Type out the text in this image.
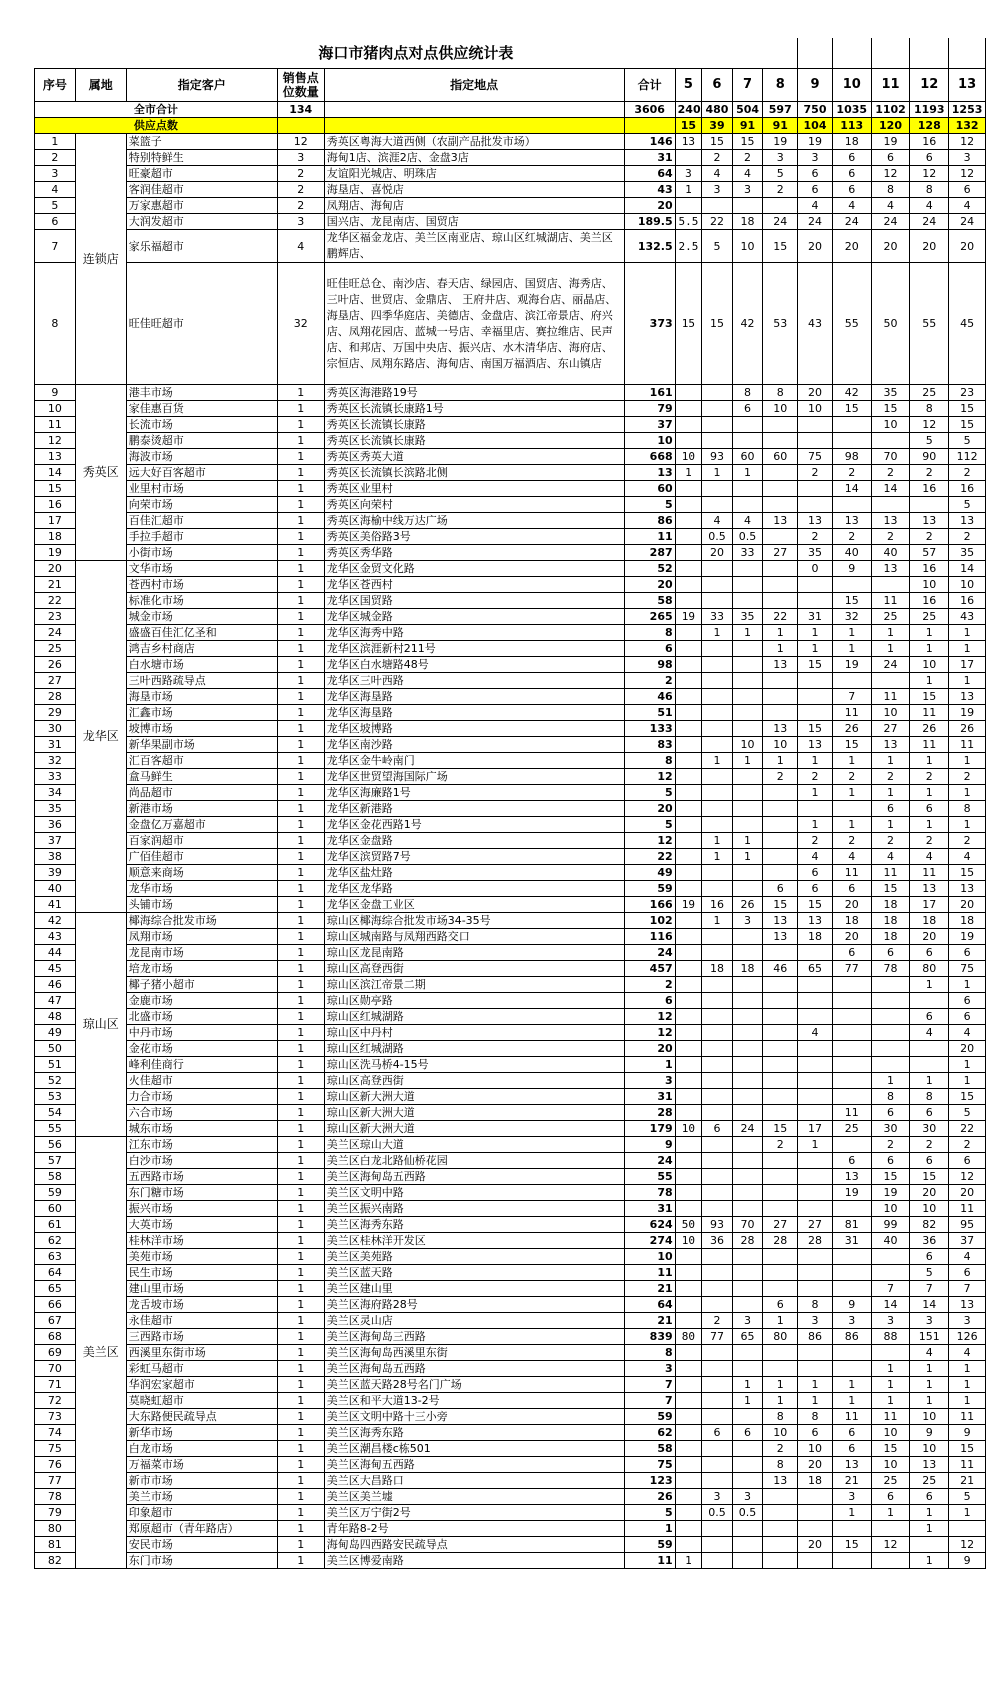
海口市猪肉点对点供应统计表														
序号	属地	指定客户	销售点位数量	指定地点	合计	5	6	7	8	9	10	11	12	13
全市合计			134		3606	240	480	504	597	750	1035	1102	1193	1253
供应点数						15	39	91	91	104	113	120	128	132
1	连锁店	菜篮子	12	秀英区粤海大道西侧（农副产品批发市场）	146	13	15	15	19	19	18	19	16	12
2		特别特鲜生	3	海甸1店、滨涯2店、金盘3店	31		2	2	3	3	6	6	6	3
3		旺豪超市	2	友谊阳光城店、明珠店	64	3	4	4	5	6	6	12	12	12
4		客润佳超市	2	海垦店、喜悦店	43	1	3	3	2	6	6	8	8	6
5		万家惠超市	2	凤翔店、海甸店	20					4	4	4	4	4
6		大润发超市	3	国兴店、龙昆南店、国贸店	189.5	5.5	22	18	24	24	24	24	24	24
7		家乐福超市	4	龙华区福金龙店、美兰区南亚店、琼山区红城湖店、美兰区鹏辉店、	132.5	2.5	5	10	15	20	20	20	20	20
8		旺佳旺超市	32	旺佳旺总仓、南沙店、春天店、绿园店、国贸店、海秀店、三叶店、世贸店、金鼎店、 王府井店、观海台店、丽晶店、海垦店、四季华庭店、美德店、金盘店、滨江帝景店、府兴店、凤翔花园店、蓝城一号店、幸福里店、赛拉维店、民声店、和邦店、万国中央店、振兴店、水木清华店、海府店、宗恒店、凤翔东路店、海甸店、南国万福酒店、东山镇店	373	15	15	42	53	43	55	50	55	45
9	秀英区	港丰市场	1	秀英区海港路19号	161			8	8	20	42	35	25	23
10		家佳惠百货	1	秀英区长流镇长康路1号	79			6	10	10	15	15	8	15
11		长流市场	1	秀英区长流镇长康路	37							10	12	15
12		鹏泰烫超市	1	秀英区长流镇长康路	10								5	5
13		海波市场	1	秀英区秀英大道	668	10	93	60	60	75	98	70	90	112
14		远大好百客超市	1	秀英区长流镇长滨路北侧	13	1	1	1		2	2	2	2	2
15		业里村市场	1	秀英区业里村	60						14	14	16	16
16		向荣市场	1	秀英区向荣村	5									5
17		百佳汇超市	1	秀英区海榆中线万达广场	86		4	4	13	13	13	13	13	13
18		手拉手超市	1	秀英区美俗路3号	11		0.5	0.5		2	2	2	2	2
19		小街市场	1	秀英区秀华路	287		20	33	27	35	40	40	57	35
20	龙华区	文华市场	1	龙华区金贸文化路	52					0	9	13	16	14
21		苍西村市场	1	龙华区苍西村	20								10	10
22		标准化市场	1	龙华区国贸路	58						15	11	16	16
23		城金市场	1	龙华区城金路	265	19	33	35	22	31	32	25	25	43
24		盛盛百佳汇亿圣和	1	龙华区海秀中路	8		1	1	1	1	1	1	1	1
25		鸿吉乡村商店	1	龙华区滨涯新村211号	6				1	1	1	1	1	1
26		白水塘市场	1	龙华区白水塘路48号	98				13	15	19	24	10	17
27		三叶西路疏导点	1	龙华区三叶西路	2								1	1
28		海垦市场	1	龙华区海垦路	46						7	11	15	13
29		汇鑫市场	1	龙华区海垦路	51						11	10	11	19
30		坡博市场	1	龙华区坡博路	133				13	15	26	27	26	26
31		新华果副市场	1	龙华区南沙路	83			10	10	13	15	13	11	11
32		汇百客超市	1	龙华区金牛岭南门	8		1	1	1	1	1	1	1	1
33		盒马鲜生	1	龙华区世贸望海国际广场	12				2	2	2	2	2	2
34		尚品超市	1	龙华区海廉路1号	5					1	1	1	1	1
35		新港市场	1	龙华区新港路	20							6	6	8
36		金盘亿万嘉超市	1	龙华区金花西路1号	5					1	1	1	1	1
37		百家润超市	1	龙华区金盘路	12		1	1		2	2	2	2	2
38		广佰佳超市	1	龙华区滨贸路7号	22		1	1		4	4	4	4	4
39		顺意来商场	1	龙华区盐灶路	49					6	11	11	11	15
40		龙华市场	1	龙华区龙华路	59				6	6	6	15	13	13
41		头铺市场	1	龙华区金盘工业区	166	19	16	26	15	15	20	18	17	20
42	琼山区	椰海综合批发市场	1	琼山区椰海综合批发市场34-35号	102		1	3	13	13	18	18	18	18
43		凤翔市场	1	琼山区城南路与凤翔西路交口	116				13	18	20	18	20	19
44		龙昆南市场	1	琼山区龙昆南路	24						6	6	6	6
45		培龙市场	1	琼山区高登西街	457		18	18	46	65	77	78	80	75
46		椰子猪小超市	1	琼山区滨江帝景二期	2								1	1
47		金鹿市场	1	琼山区勋亭路	6									6
48		北盛市场	1	琼山区红城湖路	12								6	6
49		中丹市场	1	琼山区中丹村	12					4			4	4
50		金花市场	1	琼山区红城湖路	20									20
51		峰利佳商行	1	琼山区洗马桥4-15号	1									1
52		火佳超市	1	琼山区高登西街	3							1	1	1
53		力合市场	1	琼山区新大洲大道	31							8	8	15
54		六合市场	1	琼山区新大洲大道	28						11	6	6	5
55		城东市场	1	琼山区新大洲大道	179	10	6	24	15	17	25	30	30	22
56	美兰区	江东市场	1	美兰区琼山大道	9				2	1		2	2	2
57		白沙市场	1	美兰区白龙北路仙桥花园	24						6	6	6	6
58		五西路市场	1	美兰区海甸岛五西路	55						13	15	15	12
59		东门糖市场	1	美兰区文明中路	78						19	19	20	20
60		振兴市场	1	美兰区振兴南路	31							10	10	11
61		大英市场	1	美兰区海秀东路	624	50	93	70	27	27	81	99	82	95
62		桂林洋市场	1	美兰区桂林洋开发区	274	10	36	28	28	28	31	40	36	37
63		美苑市场	1	美兰区美苑路	10								6	4
64		民生市场	1	美兰区蓝天路	11								5	6
65		建山里市场	1	美兰区建山里	21							7	7	7
66		龙舌坡市场	1	美兰区海府路28号	64				6	8	9	14	14	13
67		永佳超市	1	美兰区灵山店	21		2	3	1	3	3	3	3	3
68		三西路市场	1	美兰区海甸岛三西路	839	80	77	65	80	86	86	88	151	126
69		西溪里东街市场	1	美兰区海甸岛西溪里东街	8								4	4
70		彩虹马超市	1	美兰区海甸岛五西路	3							1	1	1
71		华润宏家超市	1	美兰区蓝天路28号名门广场	7			1	1	1	1	1	1	1
72		莫晓虹超市	1	美兰区和平大道13-2号	7			1	1	1	1	1	1	1
73		大东路便民疏导点	1	美兰区文明中路十三小旁	59				8	8	11	11	10	11
74		新华市场	1	美兰区海秀东路	62		6	6	10	6	6	10	9	9
75		白龙市场	1	美兰区潮昌楼c栋501	58				2	10	6	15	10	15
76		万福菜市场	1	美兰区海甸五西路	75				8	20	13	10	13	11
77		新市市场	1	美兰区大昌路口	123				13	18	21	25	25	21
78		美兰市场	1	美兰区美兰墟	26		3	3			3	6	6	5
79		印象超市	1	美兰区万宁街2号	5		0.5	0.5			1	1	1	1
80		郑原超市（青年路店）	1	青年路8-2号	1								1	
81		安民市场	1	海甸岛四西路安民疏导点	59					20	15	12		12
82		东门市场	1	美兰区博爱南路	11	1							1	9
